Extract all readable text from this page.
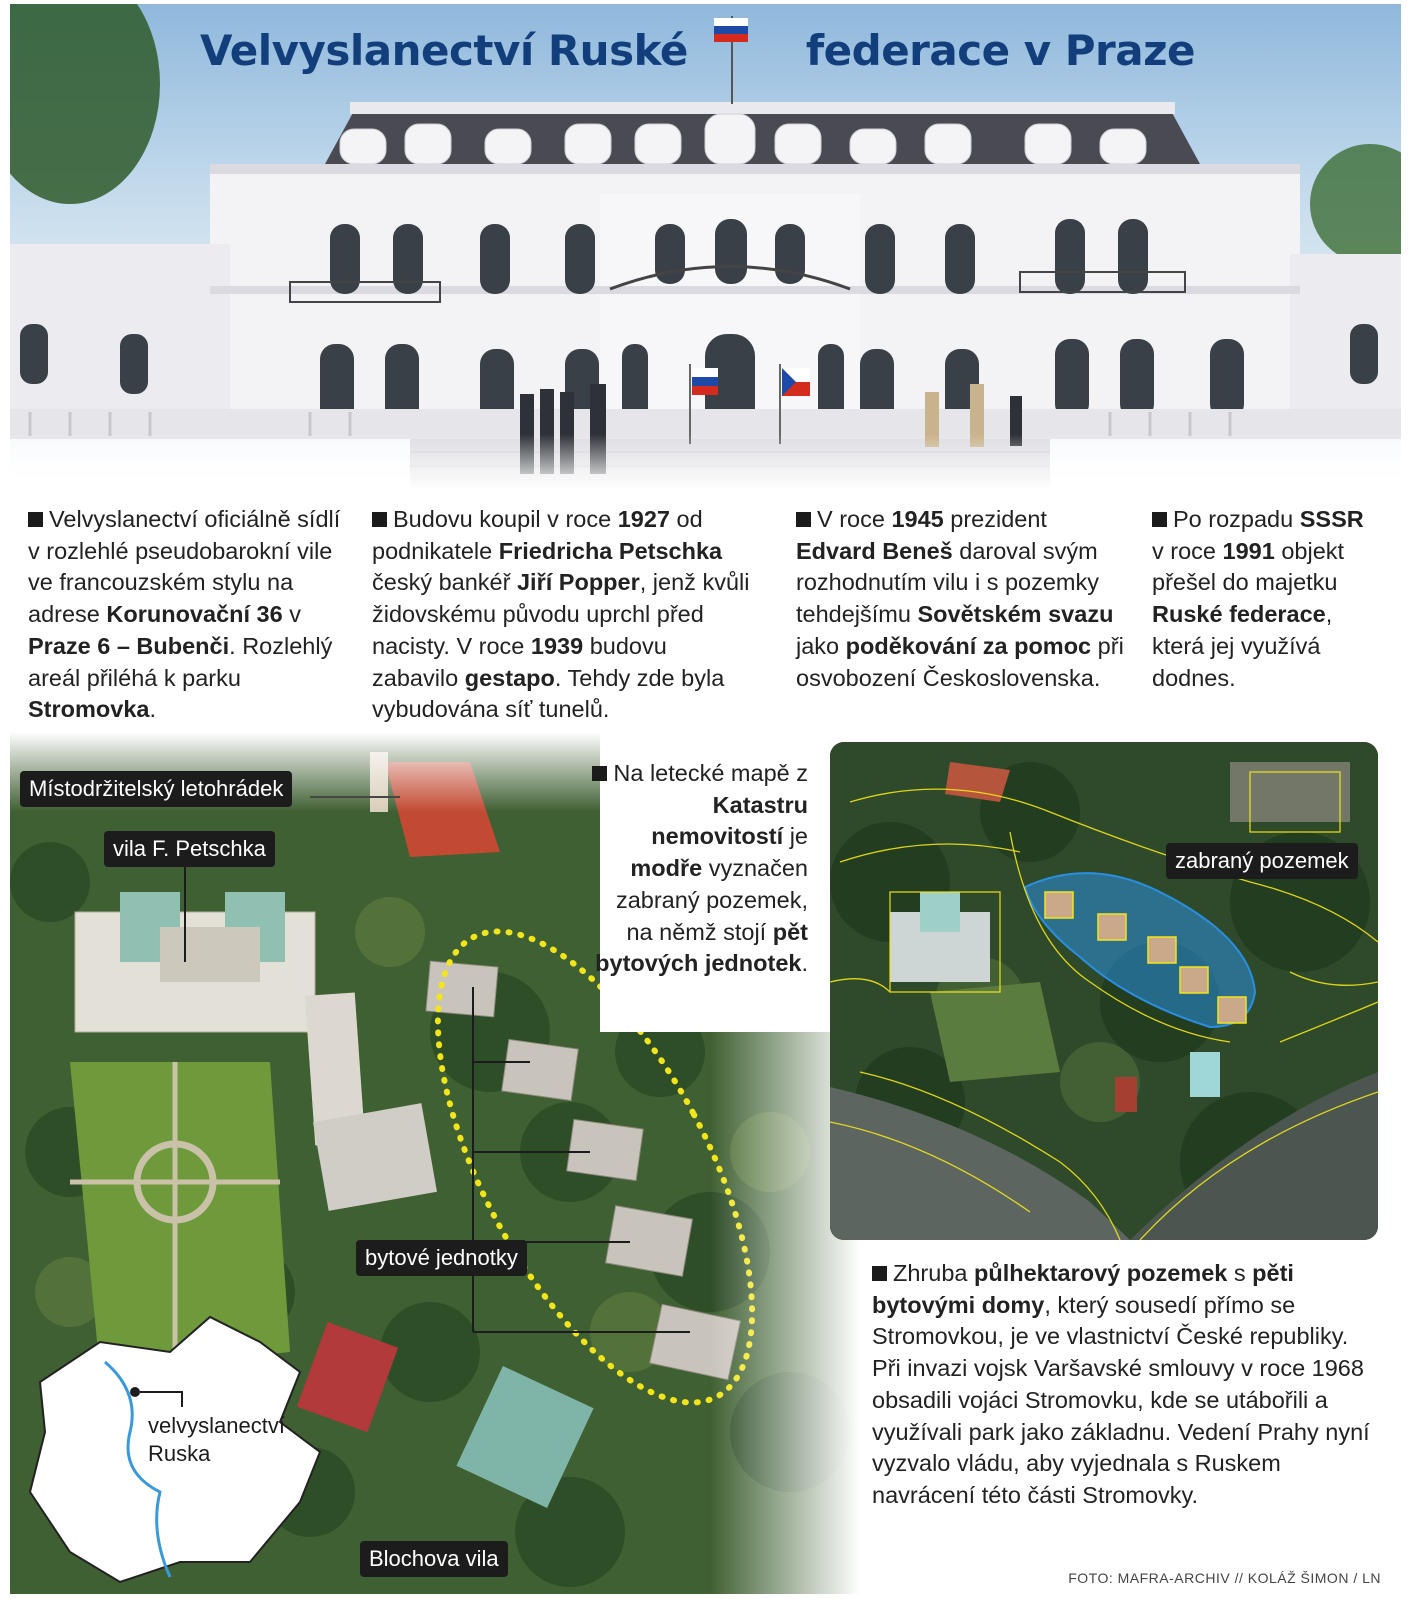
Velvyslanectví Ruské	federace v Praze
Velvyslanectví oficiálně sídlí v rozlehlé pseudobarokní vile ve francouzském stylu na adrese Korunovační 36 v Praze 6 – Bubenči. Rozlehlý areál přiléhá k parku Stromovka.
Budovu koupil v roce 1927 od podnikatele Friedricha Petschka český bankéř Jiří Popper, jenž kvůli židovskému původu uprchl před nacisty. V roce 1939 budovu zabavilo gestapo. Tehdy zde byla vybudována síť tunelů.
V roce 1945 prezident Edvard Beneš daroval svým rozhodnutím vilu i s pozemky tehdejšímu Sovětském svazu jako poděkování za pomoc při osvobození Československa.
Po rozpadu SSSR v roce 1991 objekt přešel do majetku Ruské federace, která jej využívá dodnes.
Místodržitelský letohrádek
vila F. Petschka
bytové jednotky
Blochova vila
velvyslanectví Ruska
Na letecké mapě z Katastru nemovitostí je modře vyznačen zabraný pozemek, na němž stojí pět bytových jednotek.
zabraný pozemek
Zhruba půlhektarový pozemek s pěti bytovými domy, který sousedí přímo se Stromovkou, je ve vlastnictví České republiky. Při invazi vojsk Varšavské smlouvy v roce 1968 obsadili vojáci Stromovku, kde se utábořili a využívali park jako základnu. Vedení Prahy nyní vyzvalo vládu, aby vyjednala s Ruskem navrácení této části Stromovky.
FOTO: MAFRA-ARCHIV // KOLÁŽ ŠIMON / LN
